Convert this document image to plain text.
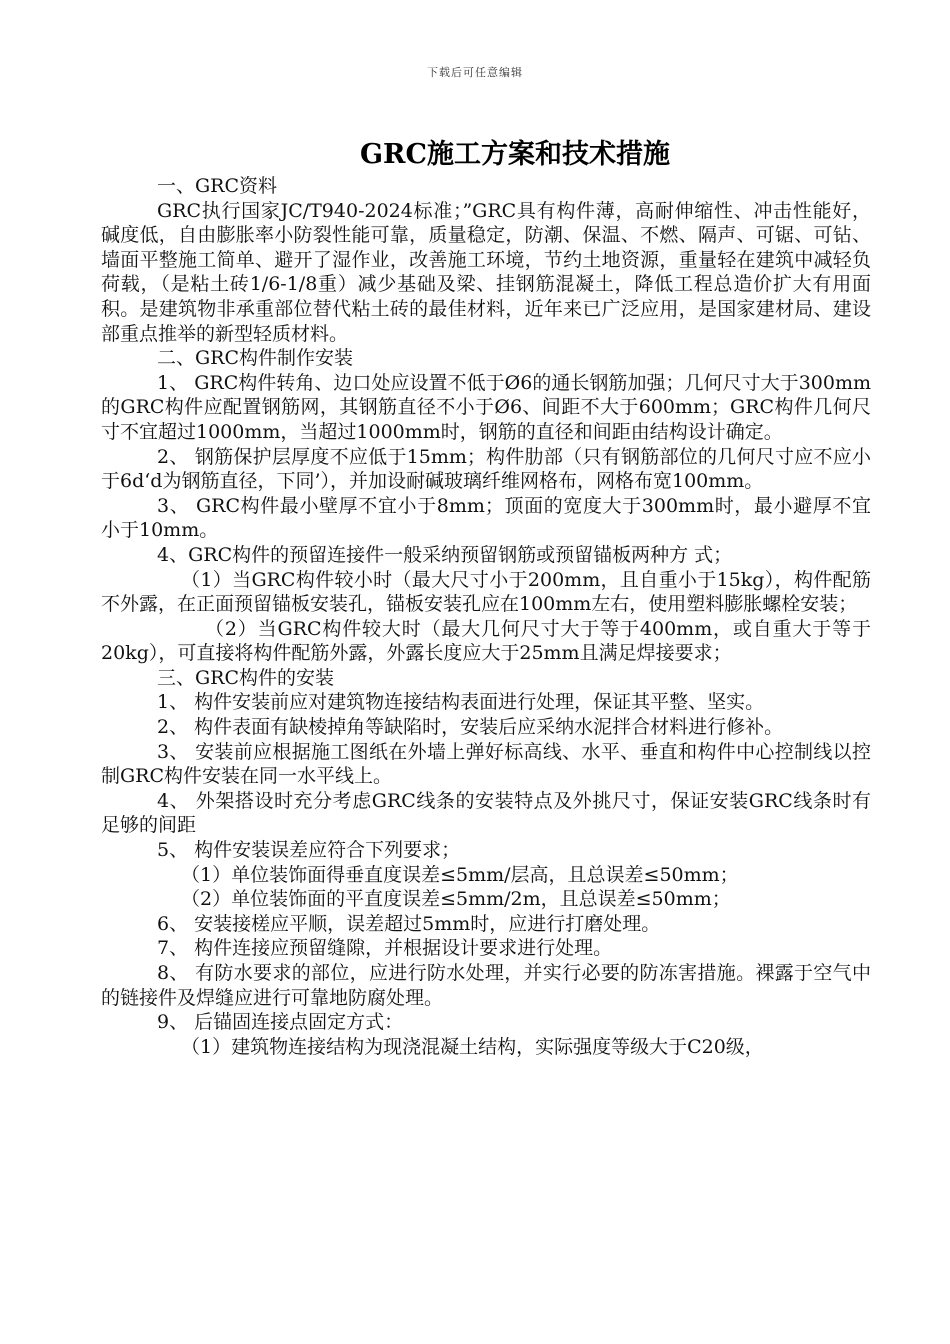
下载后可任意编辑
GRC施工方案和技术措施

一、GRC资料

GRC执行国家JC/T940-2024标准；”GRC具有构件薄，高耐伸缩性、冲击性能好，碱度低，自由膨胀率小防裂性能可靠，质量稳定，防潮、保温、不燃、隔声、可锯、可钻、墙面平整施工简单、避开了湿作业，改善施工环境，节约土地资源，重量轻在建筑中减轻负荷载，（是粘土砖1/6-1/8重）减少基础及梁、挂钢筋混凝土，降低工程总造价扩大有用面积。是建筑物非承重部位替代粘土砖的最佳材料，近年来已广泛应用，是国家建材局、建设部重点推举的新型轻质材料。

二、GRC构件制作安装

1、 GRC构件转角、边口处应设置不低于Ø6的通长钢筋加强；几何尺寸大于300mm的GRC构件应配置钢筋网，其钢筋直径不小于Ø6、间距不大于600mm；GRC构件几何尺寸不宜超过1000mm，当超过1000mm时，钢筋的直径和间距由结构设计确定。

2、 钢筋保护层厚度不应低于15mm；构件肋部（只有钢筋部位的几何尺寸应不应小于6d‘d为钢筋直径，下同’），并加设耐碱玻璃纤维网格布，网格布宽100mm。

3、 GRC构件最小壁厚不宜小于8mm；顶面的宽度大于300mm时，最小避厚不宜小于10mm。

4、GRC构件的预留连接件一般采纳预留钢筋或预留锚板两种方 式；

（1）当GRC构件较小时（最大尺寸小于200mm，且自重小于15kg），构件配筋不外露，在正面预留锚板安装孔，锚板安装孔应在100mm左右，使用塑料膨胀螺栓安装；

（2）当GRC构件较大时（最大几何尺寸大于等于400mm，或自重大于等于20kg），可直接将构件配筋外露，外露长度应大于25mm且满足焊接要求；

三、GRC构件的安装

1、 构件安装前应对建筑物连接结构表面进行处理，保证其平整、坚实。

2、 构件表面有缺棱掉角等缺陷时，安装后应采纳水泥拌合材料进行修补。

3、 安装前应根据施工图纸在外墙上弹好标高线、水平、垂直和构件中心控制线以控制GRC构件安装在同一水平线上。

4、 外架搭设时充分考虑GRC线条的安装特点及外挑尺寸，保证安装GRC线条时有足够的间距

5、 构件安装误差应符合下列要求；

（1）单位装饰面得垂直度误差≤5mm/层高，且总误差≤50mm；

（2）单位装饰面的平直度误差≤5mm/2m，且总误差≤50mm；

6、 安装接槎应平顺，误差超过5mm时，应进行打磨处理。

7、 构件连接应预留缝隙，并根据设计要求进行处理。

8、 有防水要求的部位，应进行防水处理，并实行必要的防冻害措施。裸露于空气中的链接件及焊缝应进行可靠地防腐处理。

9、 后锚固连接点固定方式：

（1）建筑物连接结构为现浇混凝土结构，实际强度等级大于C20级，
